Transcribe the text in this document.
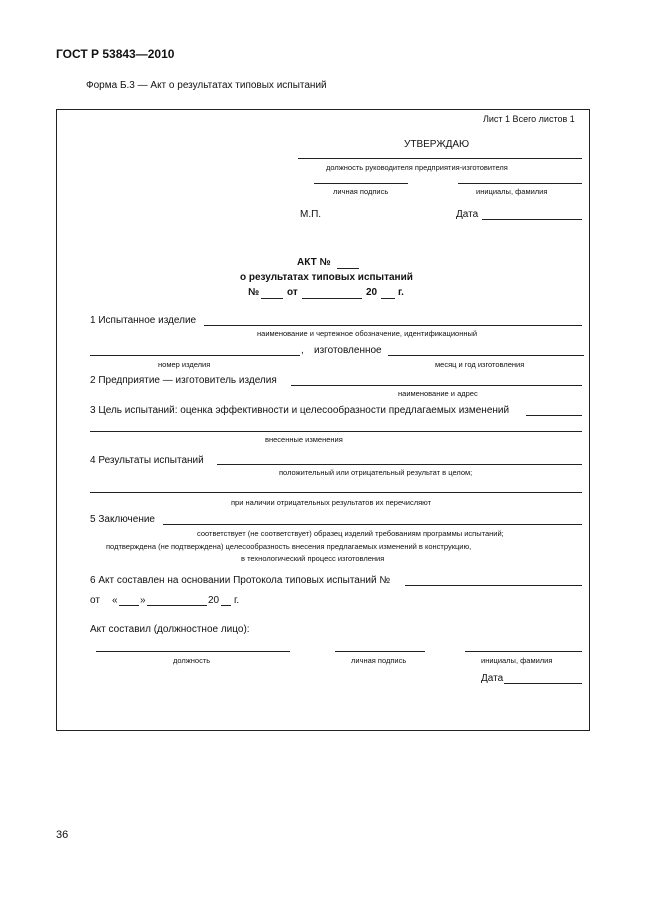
ГОСТ Р 53843—2010
Форма Б.3 — Акт о результатах типовых испытаний
Лист 1 Всего листов 1
УТВЕРЖДАЮ
должность руководителя предприятия-изготовителя
личная подпись	инициалы, фамилия
М.П.	Дата
АКТ №
о результатах типовых испытаний
№	от	20 г.
1 Испытанное изделие
наименование и чертежное обозначение, идентификационный
, изготовленное
номер изделия	месяц и год изготовления
2 Предприятие — изготовитель изделия
наименование и адрес
3 Цель испытаний: оценка эффективности и целесообразности предлагаемых изменений
внесенные изменения
4 Результаты испытаний
положительный или отрицательный результат в целом;
при наличии отрицательных результатов их перечисляют
5 Заключение
соответствует (не соответствует) образец изделий требованиям программы испытаний;
подтверждена (не подтверждена) целесообразность внесения предлагаемых изменений в конструкцию,
в технологический процесс изготовления
6 Акт составлен на основании Протокола типовых испытаний №
от « »	20 г.
Акт составил (должностное лицо):
должность	личная подпись	инициалы, фамилия
Дата
36
